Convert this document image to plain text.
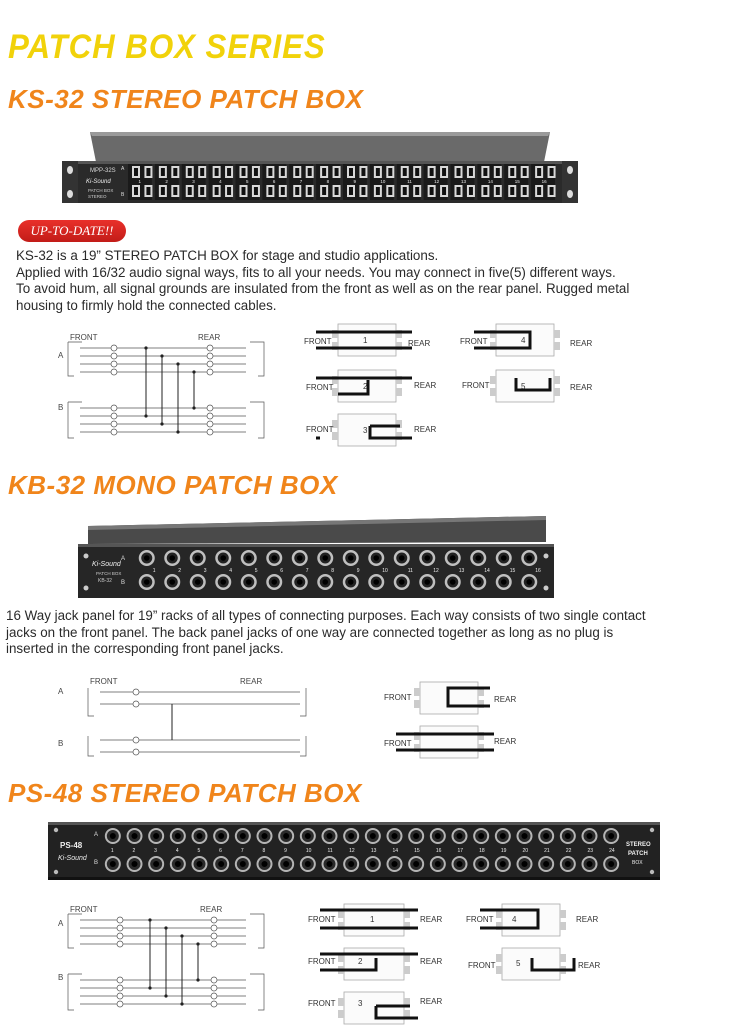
PATCH BOX SERIES
KS-32 STEREO PATCH BOX
1	2	3	4	5	6	7	8	9	10	11	12	13	14	15	16
MPP-32S
Ki-Sound
PATCH BOX
STEREO
A
B
UP-TO-DATE!!
KS-32 is a 19” STEREO PATCH BOX for stage and studio applications.
Applied with 16/32 audio signal ways, fits to all your needs. You may connect in five(5) different ways.
To avoid hum, all signal grounds are insulated from the front as well as on the rear panel. Rugged metal
housing to firmly hold the connected cables.
FRONT	REAR
A
B
1
2
3
4
5
FRONT	REAR
FRONT	REAR
FRONT	REAR
FRONT	REAR
FRONT	REAR
KB-32 MONO PATCH BOX
1	2	3	4	5	6	7	8	9	10	11	12	13	14	15	16
Ki-Sound
PATCH BOX
KB-32
A
B
16 Way jack panel for 19” racks of all types of connecting purposes. Each way consists of two single contact
jacks on the front panel. The back panel jacks of one way are connected together as long as no plug is
inserted in the corresponding front panel jacks.
FRONT	REAR
A
B
FRONT	REAR
FRONT	REAR
PS-48 STEREO PATCH BOX
1	2	3	4	5	6	7	8	9	10	11	12	13	14	15	16	17	18	19	20	21	22	23	24
PS-48
Ki-Sound
A
B
STEREO
PATCH
BOX
FRONT	REAR
A
B
1
2
3
4
5
FRONT	REAR
FRONT	REAR
FRONT	REAR
FRONT	REAR
FRONT	REAR
